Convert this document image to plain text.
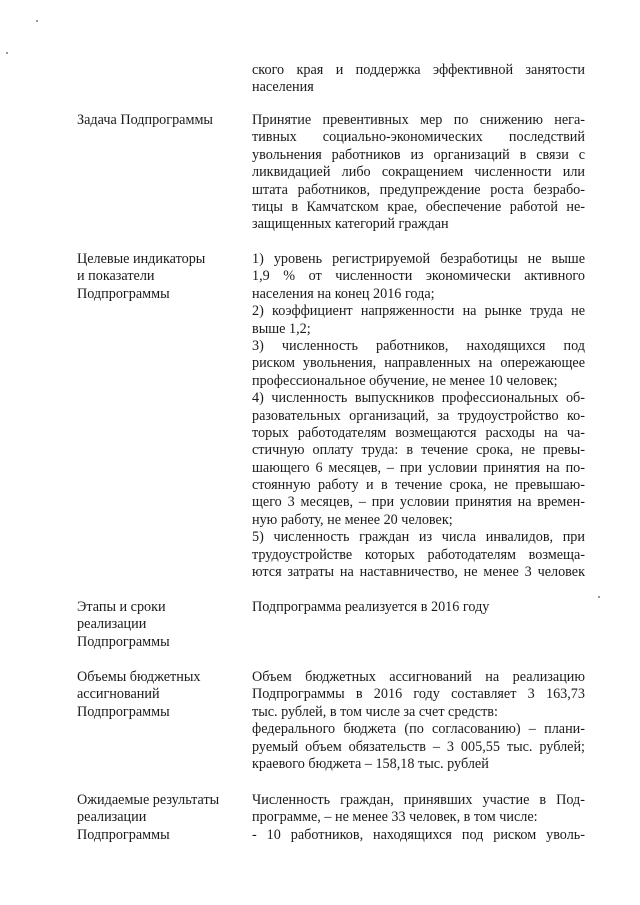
ского края и поддержка эффективной занятости
населения
Задача Подпрограммы	Принятие превентивных мер по снижению нега-
тивных социально-экономических последствий
увольнения работников из организаций в связи с
ликвидацией либо сокращением численности или
штата работников, предупреждение роста безрабо-
тицы в Камчатском крае, обеспечение работой не-
защищенных категорий граждан
Целевые индикаторы
и показатели
Подпрограммы
1) уровень регистрируемой безработицы не выше
1,9 % от численности экономически активного
населения на конец 2016 года;
2) коэффициент напряженности на рынке труда не
выше 1,2;
3) численность работников, находящихся под
риском увольнения, направленных на опережающее
профессиональное обучение, не менее 10 человек;
4) численность выпускников профессиональных об-
разовательных организаций, за трудоустройство ко-
торых работодателям возмещаются расходы на ча-
стичную оплату труда: в течение срока, не превы-
шающего 6 месяцев, – при условии принятия на по-
стоянную работу и в течение срока, не превышаю-
щего 3 месяцев, – при условии принятия на времен-
ную работу, не менее 20 человек;
5) численность граждан из числа инвалидов, при
трудоустройстве которых работодателям возмеща-
ются затраты на наставничество, не менее 3 человек
Этапы и сроки
реализации
Подпрограммы
Подпрограмма реализуется в 2016 году
Объемы бюджетных
ассигнований
Подпрограммы
Объем бюджетных ассигнований на реализацию
Подпрограммы в 2016 году составляет 3 163,73
тыс. рублей, в том числе за счет средств:
федерального бюджета (по согласованию) – плани-
руемый объем обязательств – 3 005,55 тыс. рублей;
краевого бюджета – 158,18 тыс. рублей
Ожидаемые результаты
реализации
Подпрограммы
Численность граждан, принявших участие в Под-
программе, – не менее 33 человек, в том числе:
- 10 работников, находящихся под риском уволь-
